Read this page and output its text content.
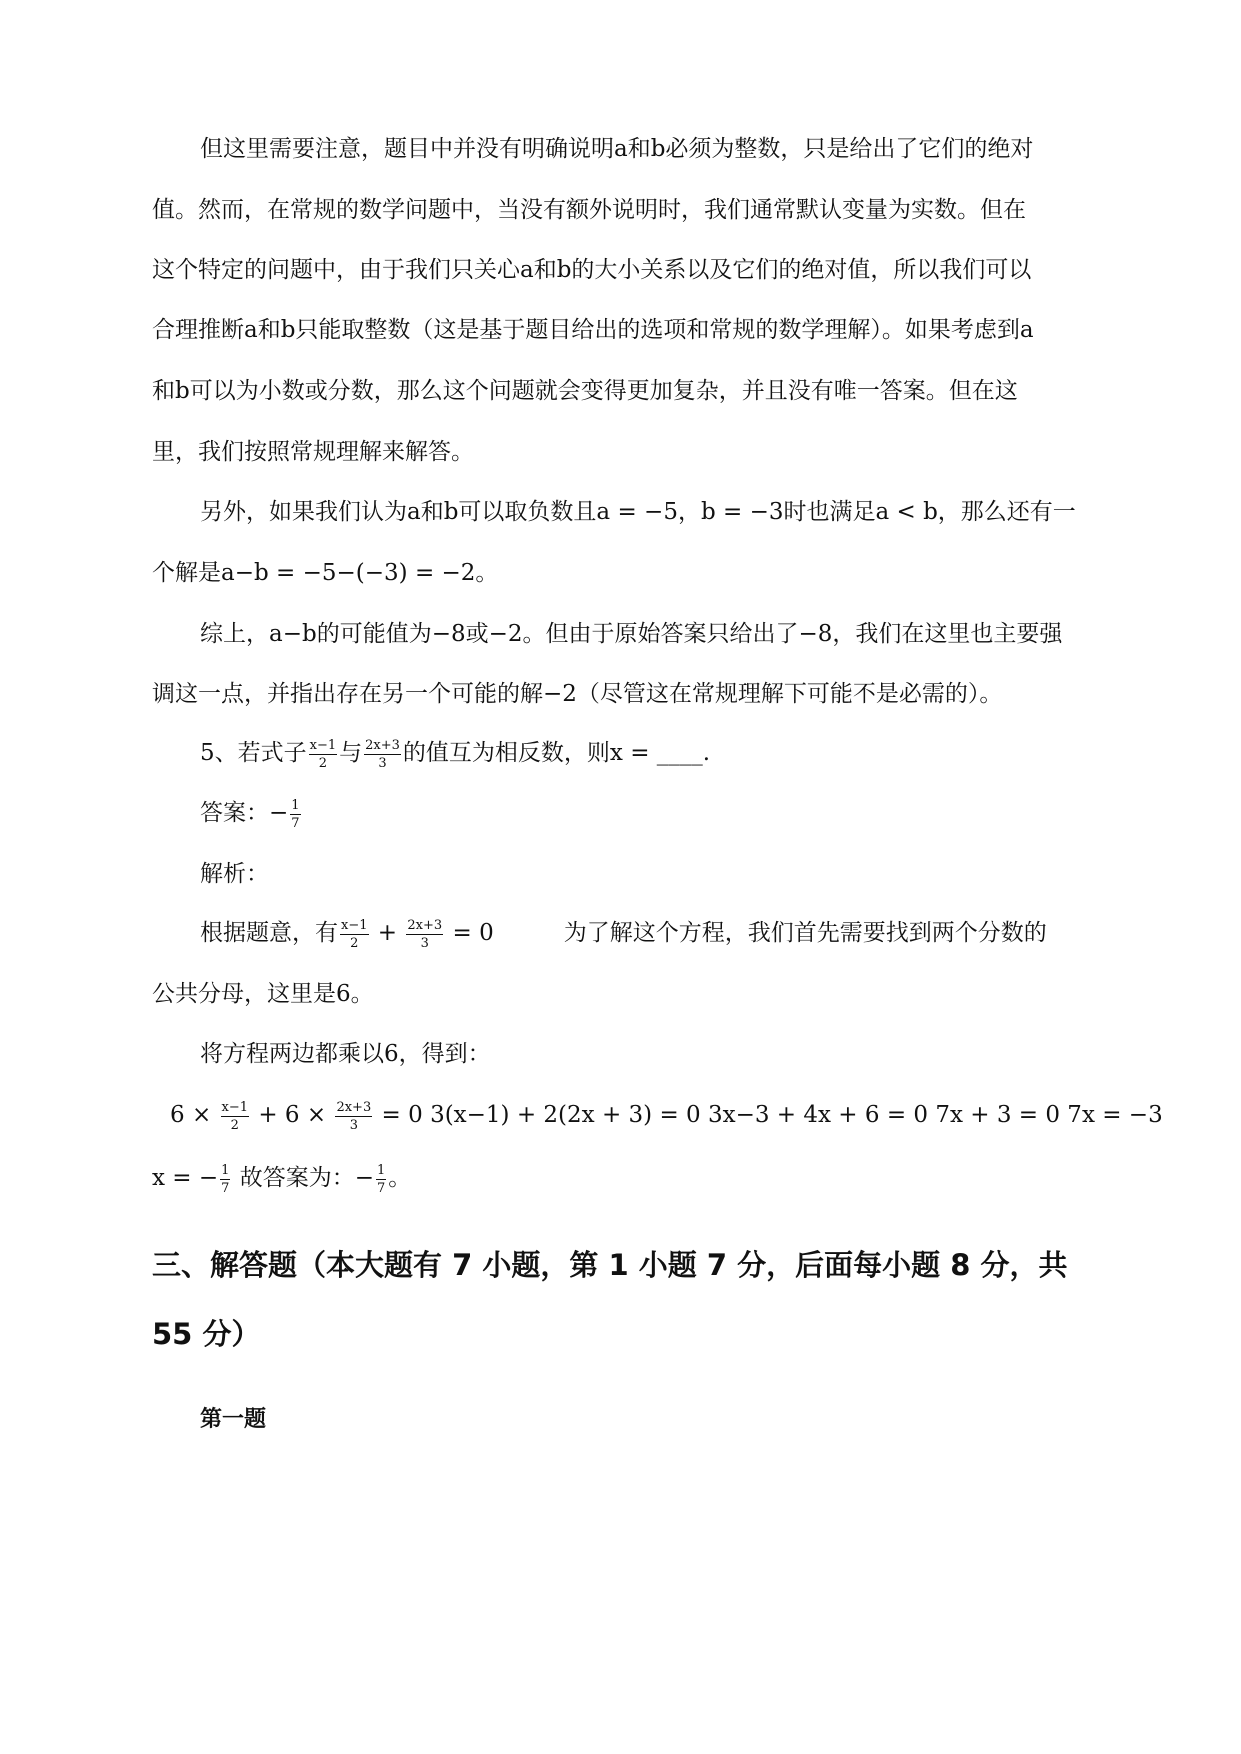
但这里需要注意，题目中并没有明确说明a和b必须为整数，只是给出了它们的绝对
值。然而，在常规的数学问题中，当没有额外说明时，我们通常默认变量为实数。但在
这个特定的问题中，由于我们只关心a和b的大小关系以及它们的绝对值，所以我们可以
合理推断a和b只能取整数（这是基于题目给出的选项和常规的数学理解）。如果考虑到a
和b可以为小数或分数，那么这个问题就会变得更加复杂，并且没有唯一答案。但在这
里，我们按照常规理解来解答。
另外，如果我们认为a和b可以取负数且a = −5，b = −3时也满足a < b，那么还有一
个解是a−b = −5−(−3) = −2。
综上，a−b的可能值为−8或−2。但由于原始答案只给出了−8，我们在这里也主要强
调这一点，并指出存在另一个可能的解−2（尽管这在常规理解下可能不是必需的）。
5、若式子 $\frac{x-1}{2}$ 与 $\frac{2x+3}{3}$ 的值互为相反数，则x = ____.
答案：− $\frac{1}{7}$
解析：
根据题意，有 $\frac{x-1}{2} + \frac{2x+3}{3} = 0$	为了解这个方程，我们首先需要找到两个分数的
公共分母，这里是6。
将方程两边都乘以6，得到：
$6 \times \frac{x-1}{2} + 6 \times \frac{2x+3}{3} = 0$ 3(x−1) + 2(2x + 3) = 0 3x−3 + 4x + 6 = 0 7x + 3 = 0 7x = −3
x = − $\frac{1}{7}$ 故答案为：− $\frac{1}{7}$ 。
三、解答题（本大题有 7 小题，第 1 小题 7 分，后面每小题 8 分，共
55 分）
第一题
